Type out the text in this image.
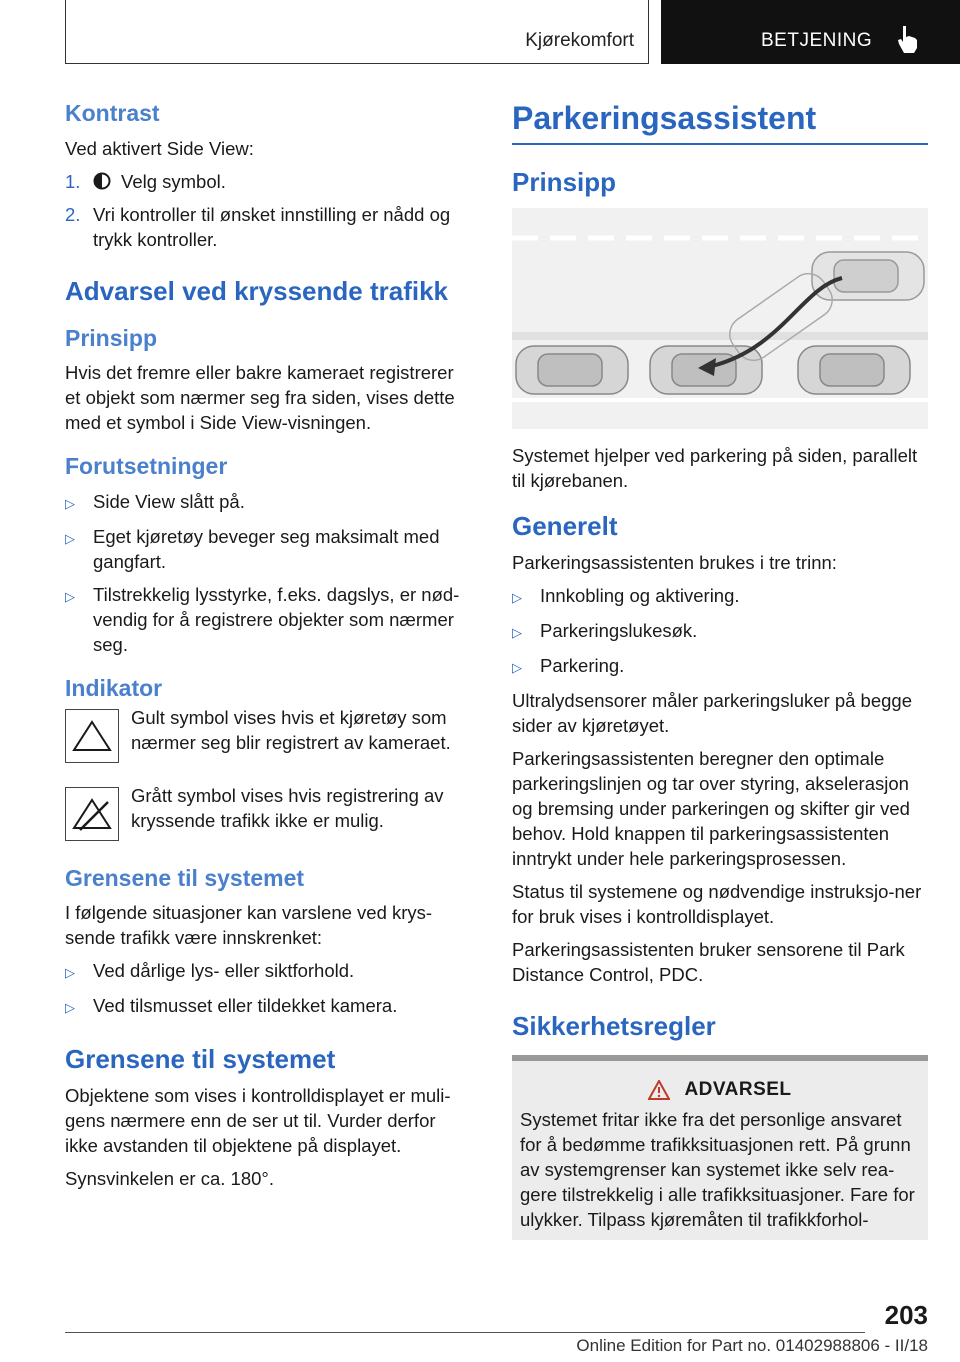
Kjørekomfort	BETJENING
Kontrast

Ved aktivert Side View:

1.	Velg symbol.
2. Vri kontroller til ønsket innstilling er nådd og trykk kontroller.
Advarsel ved kryssende trafikk
Prinsipp

Hvis det fremre eller bakre kameraet registrerer et objekt som nærmer seg fra siden, vises dette med et symbol i Side View-visningen.

Forutsetninger
▷ Side View slått på.
▷ Eget kjøretøy beveger seg maksimalt med gangfart.
▷ Tilstrekkelig lysstyrke, f.eks. dagslys, er nød-vendig for å registrere objekter som nærmer seg.
Indikator
Gult symbol vises hvis et kjøretøy som nærmer seg blir registrert av kameraet.
Grått symbol vises hvis registrering av kryssende trafikk ikke er mulig.
Grensene til systemet

I følgende situasjoner kan varslene ved krys-sende trafikk være innskrenket:

▷ Ved dårlige lys- eller siktforhold.
▷ Ved tilsmusset eller tildekket kamera.
Grensene til systemet

Objektene som vises i kontrolldisplayet er muli-gens nærmere enn de ser ut til. Vurder derfor ikke avstanden til objektene på displayet.

Synsvinkelen er ca. 180°.

Parkeringsassistent
Prinsipp

Systemet hjelper ved parkering på siden, parallelt til kjørebanen.

Generelt

Parkeringsassistenten brukes i tre trinn:

▷ Innkobling og aktivering.
▷ Parkeringslukesøk.
▷ Parkering.

Ultralydsensorer måler parkeringsluker på begge sider av kjøretøyet.

Parkeringsassistenten beregner den optimale parkeringslinjen og tar over styring, akselerasjon og bremsing under parkeringen og skifter gir ved behov. Hold knappen til parkeringsassistenten inntrykt under hele parkeringsprosessen.

Status til systemene og nødvendige instruksjo-ner for bruk vises i kontrolldisplayet.

Parkeringsassistenten bruker sensorene til Park Distance Control, PDC.

Sikkerhetsregler
ADVARSEL

Systemet fritar ikke fra det personlige ansvaret for å bedømme trafikksituasjonen rett. På grunn av systemgrenser kan systemet ikke selv rea-gere tilstrekkelig i alle trafikksituasjoner. Fare for ulykker. Tilpass kjøremåten til trafikkforhol-

203
Online Edition for Part no. 01402988806 - II/18
